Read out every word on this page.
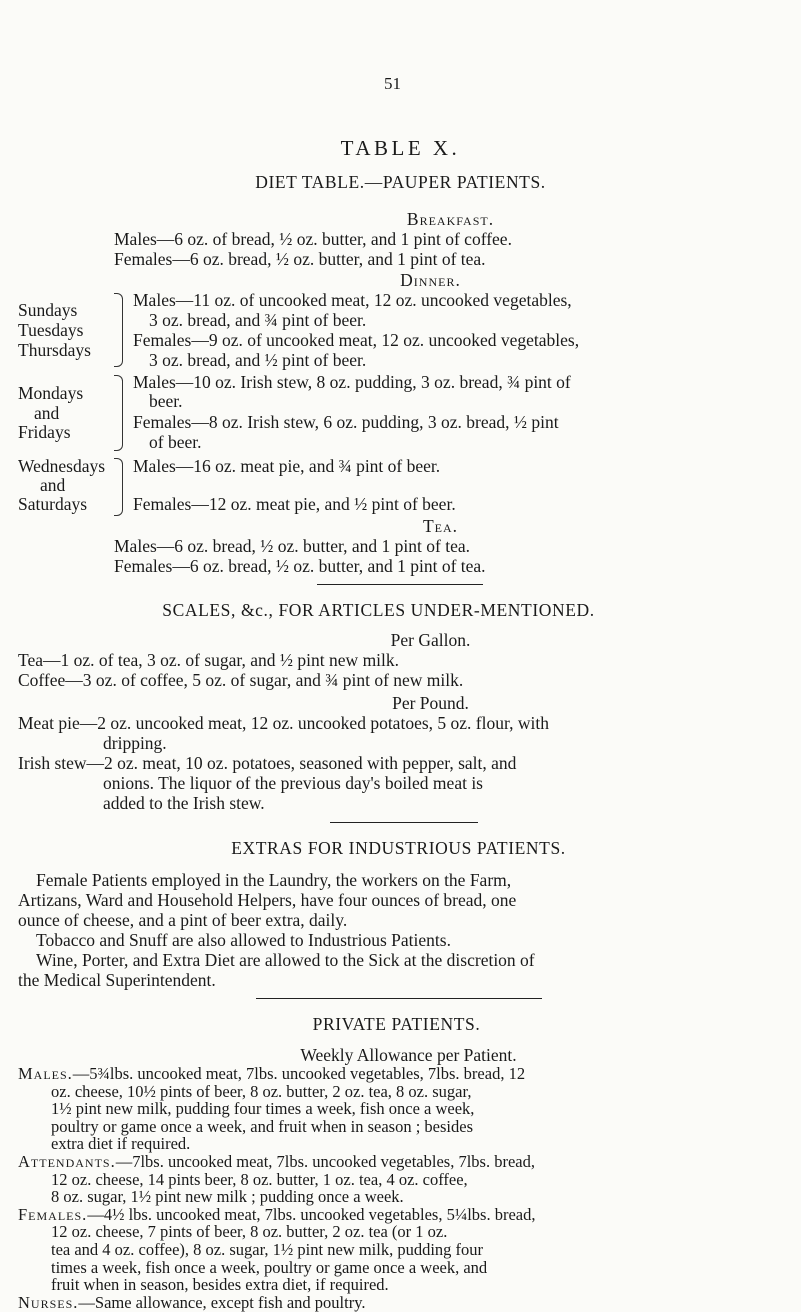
51
TABLE X.
DIET TABLE.—PAUPER PATIENTS.
Breakfast.
Males—6 oz. of bread, ½ oz. butter, and 1 pint of coffee.
Females—6 oz. bread, ½ oz. butter, and 1 pint of tea.
Dinner.
Sundays
Tuesdays
Thursdays
Males—11 oz. of uncooked meat, 12 oz. uncooked vegetables,
3 oz. bread, and ¾ pint of beer.
Females—9 oz. of uncooked meat, 12 oz. uncooked vegetables,
3 oz. bread, and ½ pint of beer.
Mondays
and
Fridays
Males—10 oz. Irish stew, 8 oz. pudding, 3 oz. bread, ¾ pint of
beer.
Females—8 oz. Irish stew, 6 oz. pudding, 3 oz. bread, ½ pint
of beer.
Wednesdays
and
Saturdays
Males—16 oz. meat pie, and ¾ pint of beer.
Females—12 oz. meat pie, and ½ pint of beer.
Tea.
Males—6 oz. bread, ½ oz. butter, and 1 pint of tea.
Females—6 oz. bread, ½ oz. butter, and 1 pint of tea.
SCALES, &c., FOR ARTICLES UNDER-MENTIONED.
Per Gallon.
Tea—1 oz. of tea, 3 oz. of sugar, and ½ pint new milk.
Coffee—3 oz. of coffee, 5 oz. of sugar, and ¾ pint of new milk.
Per Pound.
Meat pie—2 oz. uncooked meat, 12 oz. uncooked potatoes, 5 oz. flour, with
dripping.
Irish stew—2 oz. meat, 10 oz. potatoes, seasoned with pepper, salt, and
onions. The liquor of the previous day's boiled meat is
added to the Irish stew.
EXTRAS FOR INDUSTRIOUS PATIENTS.
Female Patients employed in the Laundry, the workers on the Farm,
Artizans, Ward and Household Helpers, have four ounces of bread, one
ounce of cheese, and a pint of beer extra, daily.
Tobacco and Snuff are also allowed to Industrious Patients.
Wine, Porter, and Extra Diet are allowed to the Sick at the discretion of
the Medical Superintendent.
PRIVATE PATIENTS.
Weekly Allowance per Patient.
Males.—5¾lbs. uncooked meat, 7lbs. uncooked vegetables, 7lbs. bread, 12
oz. cheese, 10½ pints of beer, 8 oz. butter, 2 oz. tea, 8 oz. sugar,
1½ pint new milk, pudding four times a week, fish once a week,
poultry or game once a week, and fruit when in season ; besides
extra diet if required.
Attendants.—7lbs. uncooked meat, 7lbs. uncooked vegetables, 7lbs. bread,
12 oz. cheese, 14 pints beer, 8 oz. butter, 1 oz. tea, 4 oz. coffee,
8 oz. sugar, 1½ pint new milk ; pudding once a week.
Females.—4½ lbs. uncooked meat, 7lbs. uncooked vegetables, 5¼lbs. bread,
12 oz. cheese, 7 pints of beer, 8 oz. butter, 2 oz. tea (or 1 oz.
tea and 4 oz. coffee), 8 oz. sugar, 1½ pint new milk, pudding four
times a week, fish once a week, poultry or game once a week, and
fruit when in season, besides extra diet, if required.
Nurses.—Same allowance, except fish and poultry.
